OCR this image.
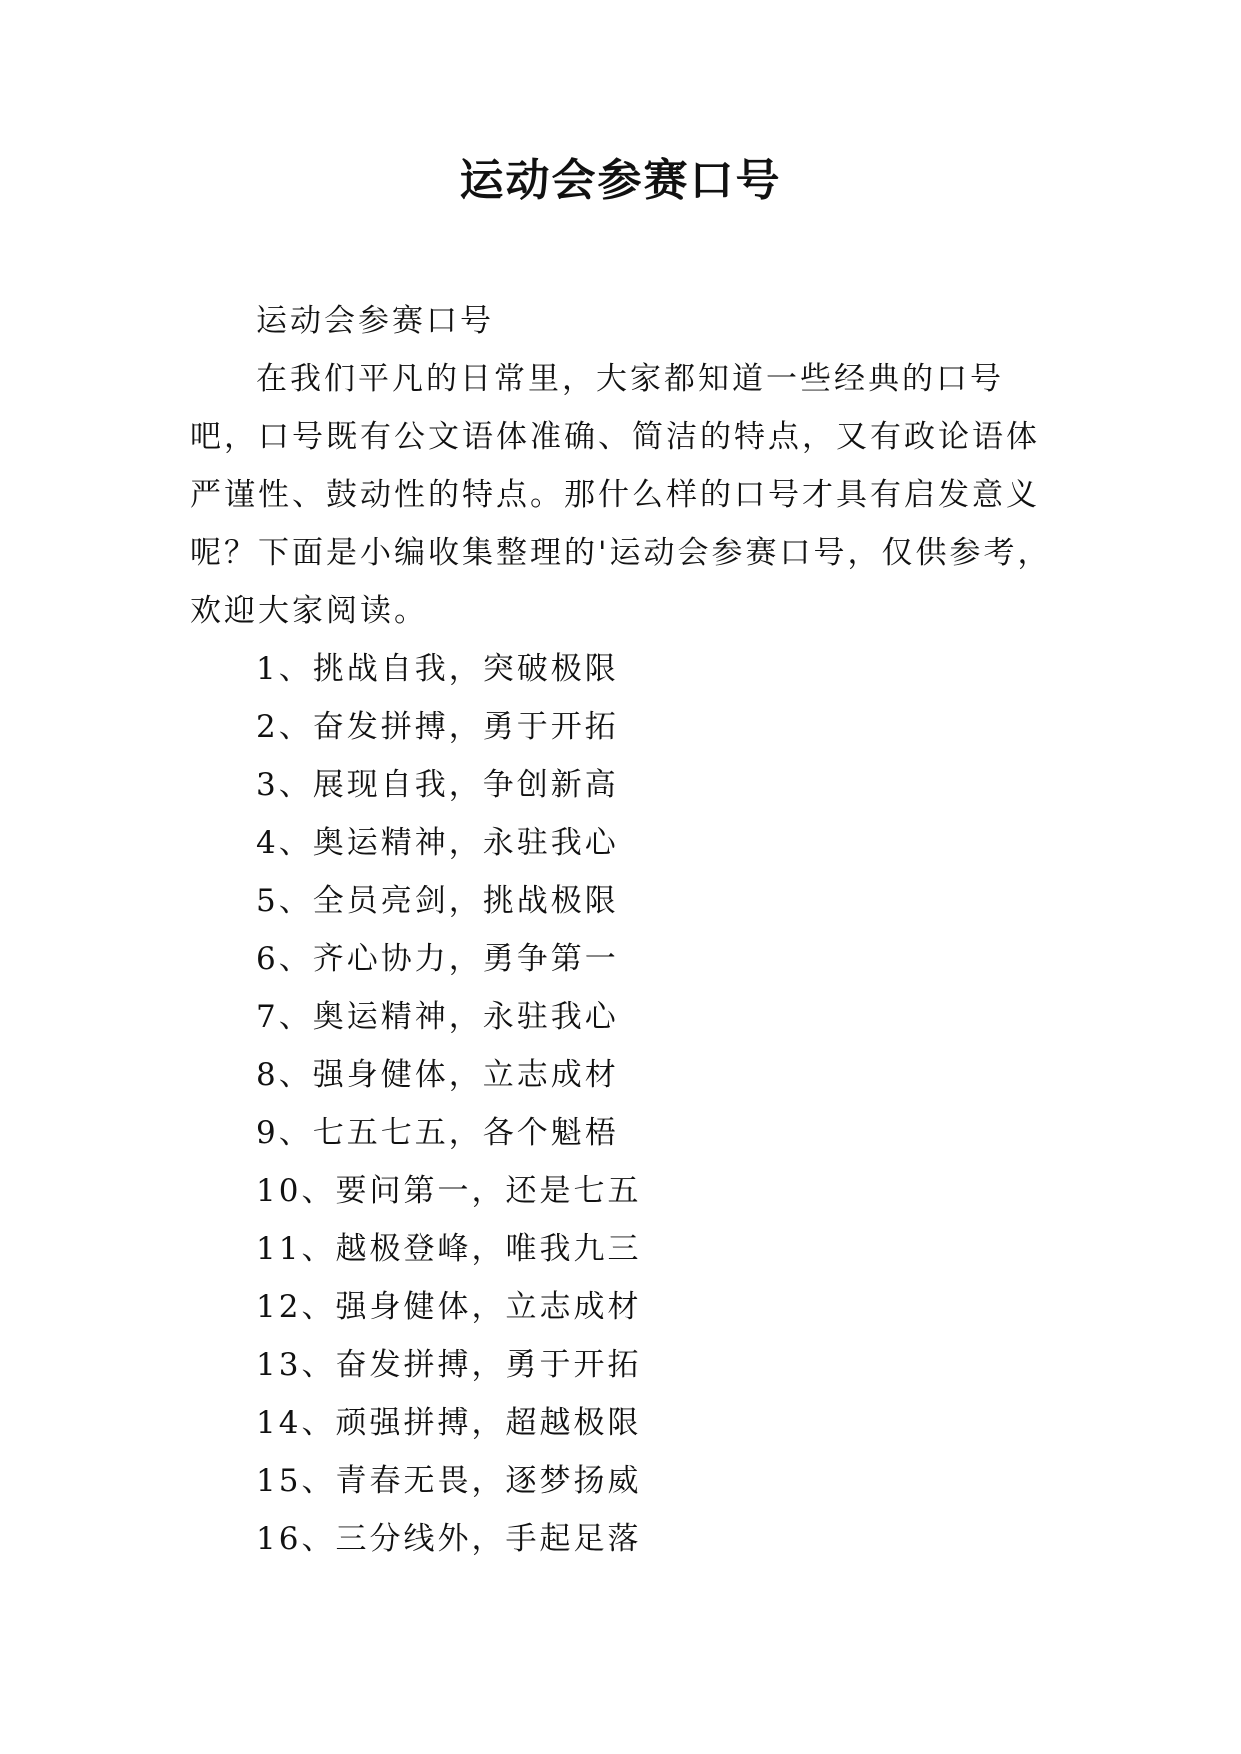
运动会参赛口号

运动会参赛口号

在我们平凡的日常里，大家都知道一些经典的口号吧，口号既有公文语体准确、简洁的特点，又有政论语体严谨性、鼓动性的特点。那什么样的口号才具有启发意义呢？下面是小编收集整理的'运动会参赛口号，仅供参考，欢迎大家阅读。

1、挑战自我，突破极限
2、奋发拼搏，勇于开拓
3、展现自我，争创新高
4、奥运精神，永驻我心
5、全员亮剑，挑战极限
6、齐心协力，勇争第一
7、奥运精神，永驻我心
8、强身健体，立志成材
9、七五七五，各个魁梧
10、要问第一，还是七五
11、越极登峰，唯我九三
12、强身健体，立志成材
13、奋发拼搏，勇于开拓
14、顽强拼搏，超越极限
15、青春无畏，逐梦扬威
16、三分线外，手起足落
